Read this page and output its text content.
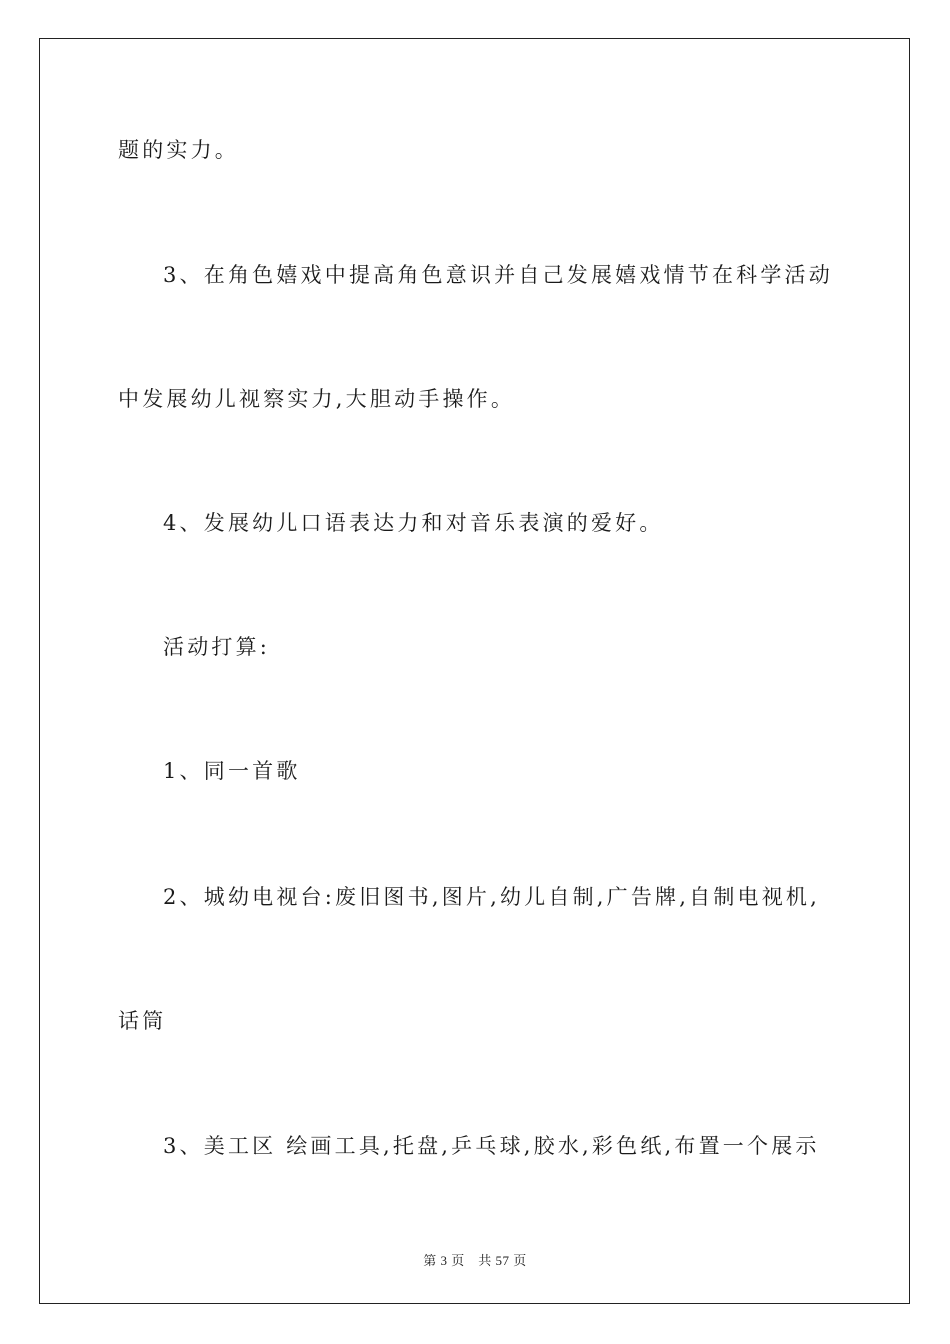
题的实力。
3、在角色嬉戏中提高角色意识并自己发展嬉戏情节在科学活动
中发展幼儿视察实力,大胆动手操作。
4、发展幼儿口语表达力和对音乐表演的爱好。
活动打算:
1、同一首歌
2、城幼电视台:废旧图书,图片,幼儿自制,广告牌,自制电视机,
话筒
3、美工区 绘画工具,托盘,乒乓球,胶水,彩色纸,布置一个展示
第 3 页　共 57 页
